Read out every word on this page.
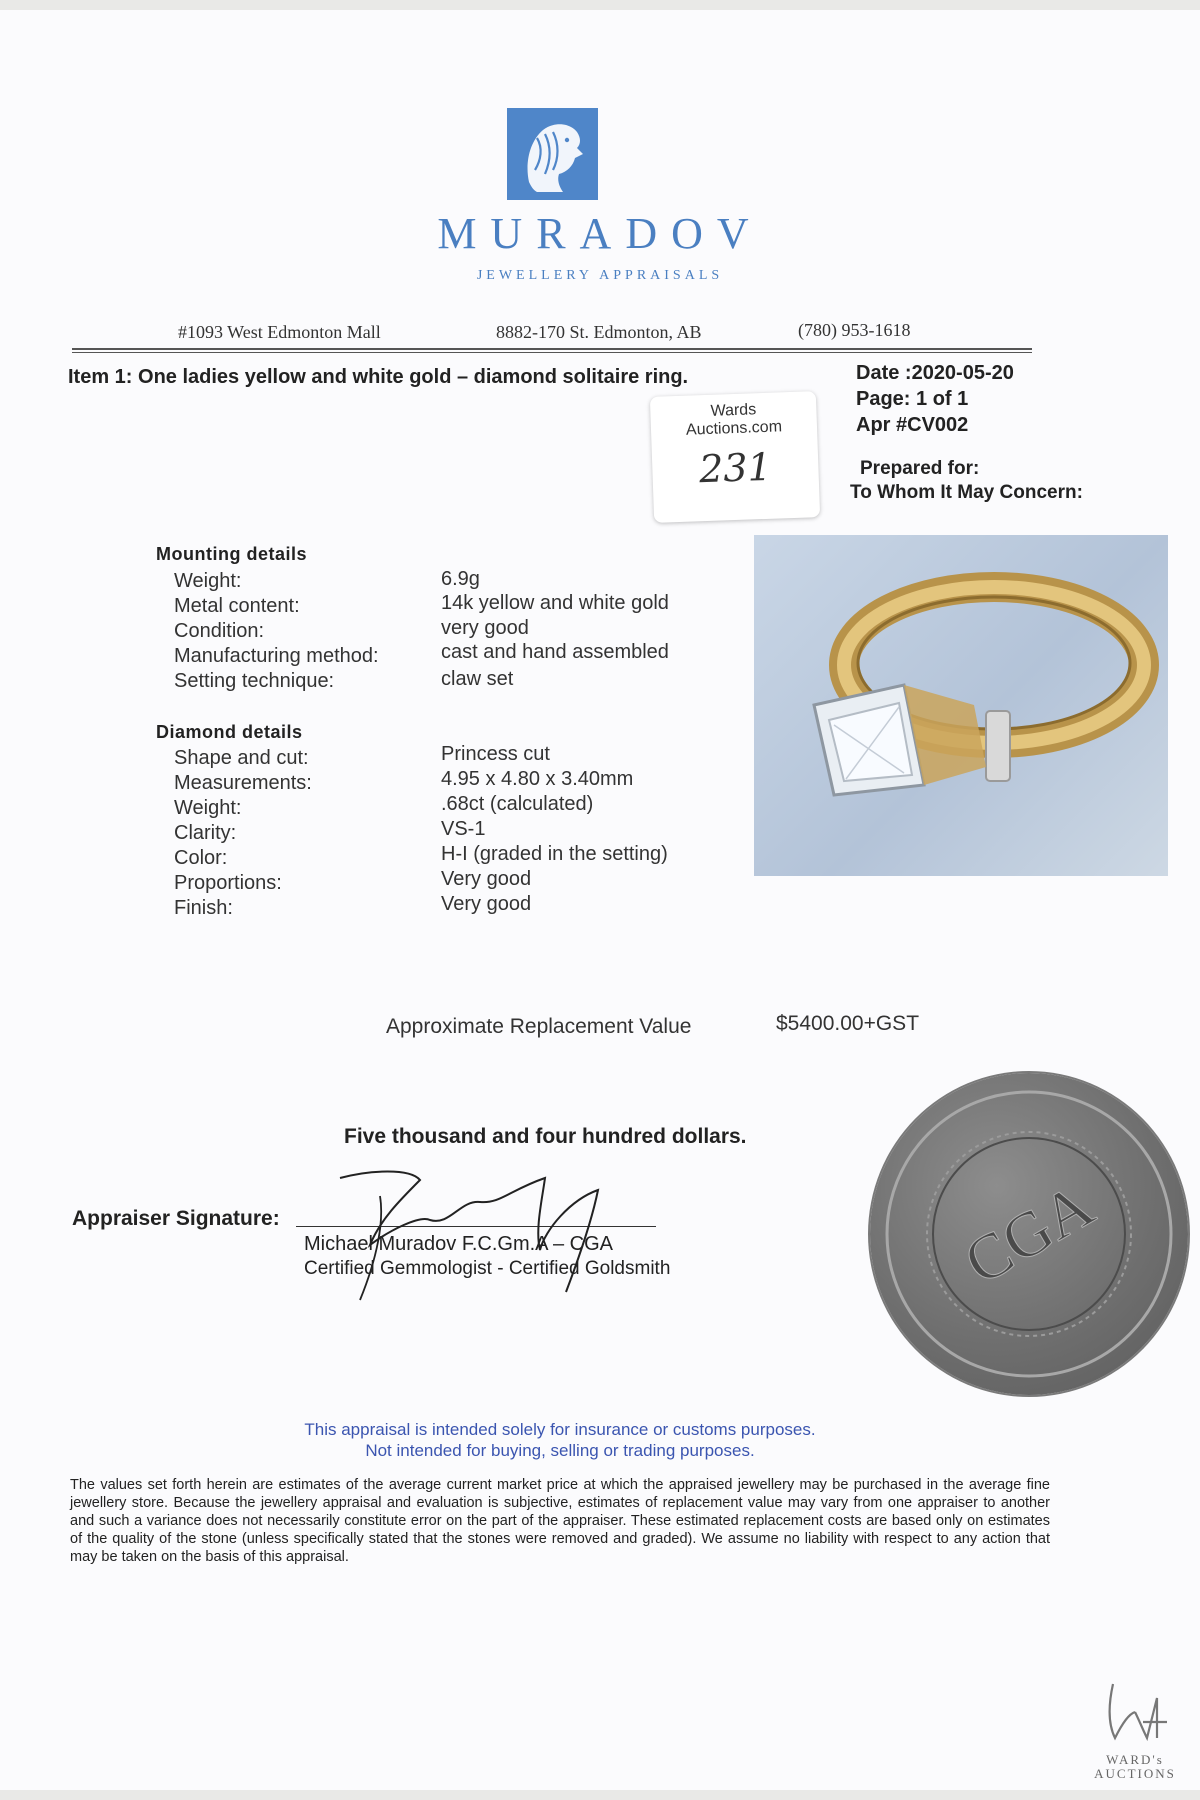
MURADOV
JEWELLERY APPRAISALS
#1093 West Edmonton Mall	8882-170 St. Edmonton, AB	(780) 953-1618
Item 1: One ladies yellow and white gold – diamond solitaire ring.	Date :2020-05-20
Page: 1 of 1
Apr #CV002
Prepared for:
To Whom It May Concern:
Wards
Auctions.com
231
Mounting details
Weight:	6.9g
Metal content:	14k yellow and white gold
Condition:	very good
Manufacturing method:	cast and hand assembled
Setting technique:	claw set
Diamond details
Shape and cut:	Princess cut
Measurements:	4.95 x 4.80 x 3.40mm
Weight:	.68ct (calculated)
Clarity:	VS-1
Color:	H-I (graded in the setting)
Proportions:	Very good
Finish:	Very good
Approximate Replacement Value	$5400.00+GST
Five thousand and four hundred dollars.
Appraiser Signature:
Michael Muradov F.C.Gm.A – CGA
Certified Gemmologist - Certified Goldsmith	CGA
This appraisal is intended solely for insurance or customs purposes.
Not intended for buying, selling or trading purposes.
The values set forth herein are estimates of the average current market price at which the appraised jewellery may be purchased in the average fine jewellery store. Because the jewellery appraisal and evaluation is subjective, estimates of replacement value may vary from one appraiser to another and such a variance does not necessarily constitute error on the part of the appraiser. These estimated replacement costs are based only on estimates of the quality of the stone (unless specifically stated that the stones were removed and graded). We assume no liability with respect to any action that may be taken on the basis of this appraisal.
WARD's
AUCTIONS
